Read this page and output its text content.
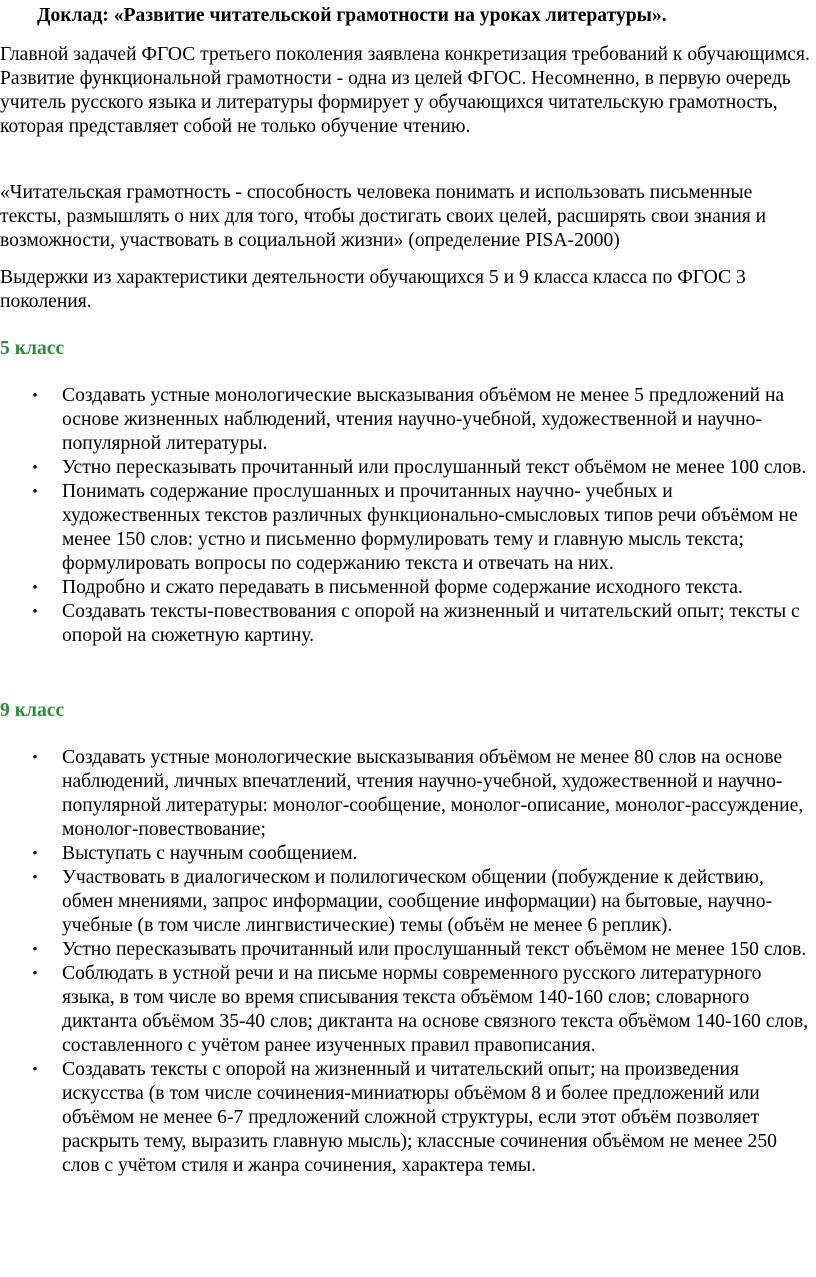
Доклад: «Развитие читательской грамотности на уроках литературы».

Главной задачей ФГОС третьего поколения заявлена конкретизация требований к обучающимся. Развитие функциональной грамотности - одна из целей ФГОС. Несомненно, в первую очередь учитель русского языка и литературы формирует у обучающихся читательскую грамотность, которая представляет собой не только обучение чтению.

«Читательская грамотность - способность человека понимать и использовать письменные тексты, размышлять о них для того, чтобы достигать своих целей, расширять свои знания и возможности, участвовать в социальной жизни» (определение PISA-2000)

Выдержки из характеристики деятельности обучающихся 5 и 9 класса класса по ФГОС 3 поколения.

5 класс
• Создавать устные монологические высказывания объёмом не менее 5 предложений на основе жизненных наблюдений, чтения научно-учебной, художественной и научно-популярной литературы.
• Устно пересказывать прочитанный или прослушанный текст объёмом не менее 100 слов.
• Понимать содержание прослушанных и прочитанных научно- учебных и художественных текстов различных функционально-смысловых типов речи объёмом не менее 150 слов: устно и письменно формулировать тему и главную мысль текста; формулировать вопросы по содержанию текста и отвечать на них.
• Подробно и сжато передавать в письменной форме содержание исходного текста.
• Создавать тексты-повествования с опорой на жизненный и читательский опыт; тексты с опорой на сюжетную картину.
9 класс
• Создавать устные монологические высказывания объёмом не менее 80 слов на основе наблюдений, личных впечатлений, чтения научно-учебной, художественной и научно-популярной литературы: монолог-сообщение, монолог-описание, монолог-рассуждение, монолог-повествование;
• Выступать с научным сообщением.
• Участвовать в диалогическом и полилогическом общении (побуждение к действию, обмен мнениями, запрос информации, сообщение информации) на бытовые, научно-учебные (в том числе лингвистические) темы (объём не менее 6 реплик).
• Устно пересказывать прочитанный или прослушанный текст объёмом не менее 150 слов.
• Соблюдать в устной речи и на письме нормы современного русского литературного языка, в том числе во время списывания текста объёмом 140-160 слов; словарного диктанта объёмом 35-40 слов; диктанта на основе связного текста объёмом 140-160 слов, составленного с учётом ранее изученных правил правописания.
• Создавать тексты с опорой на жизненный и читательский опыт; на произведения искусства (в том числе сочинения-миниатюры объёмом 8 и более предложений или объёмом не менее 6-7 предложений сложной структуры, если этот объём позволяет раскрыть тему, выразить главную мысль); классные сочинения объёмом не менее 250 слов с учётом стиля и жанра сочинения, характера темы.
